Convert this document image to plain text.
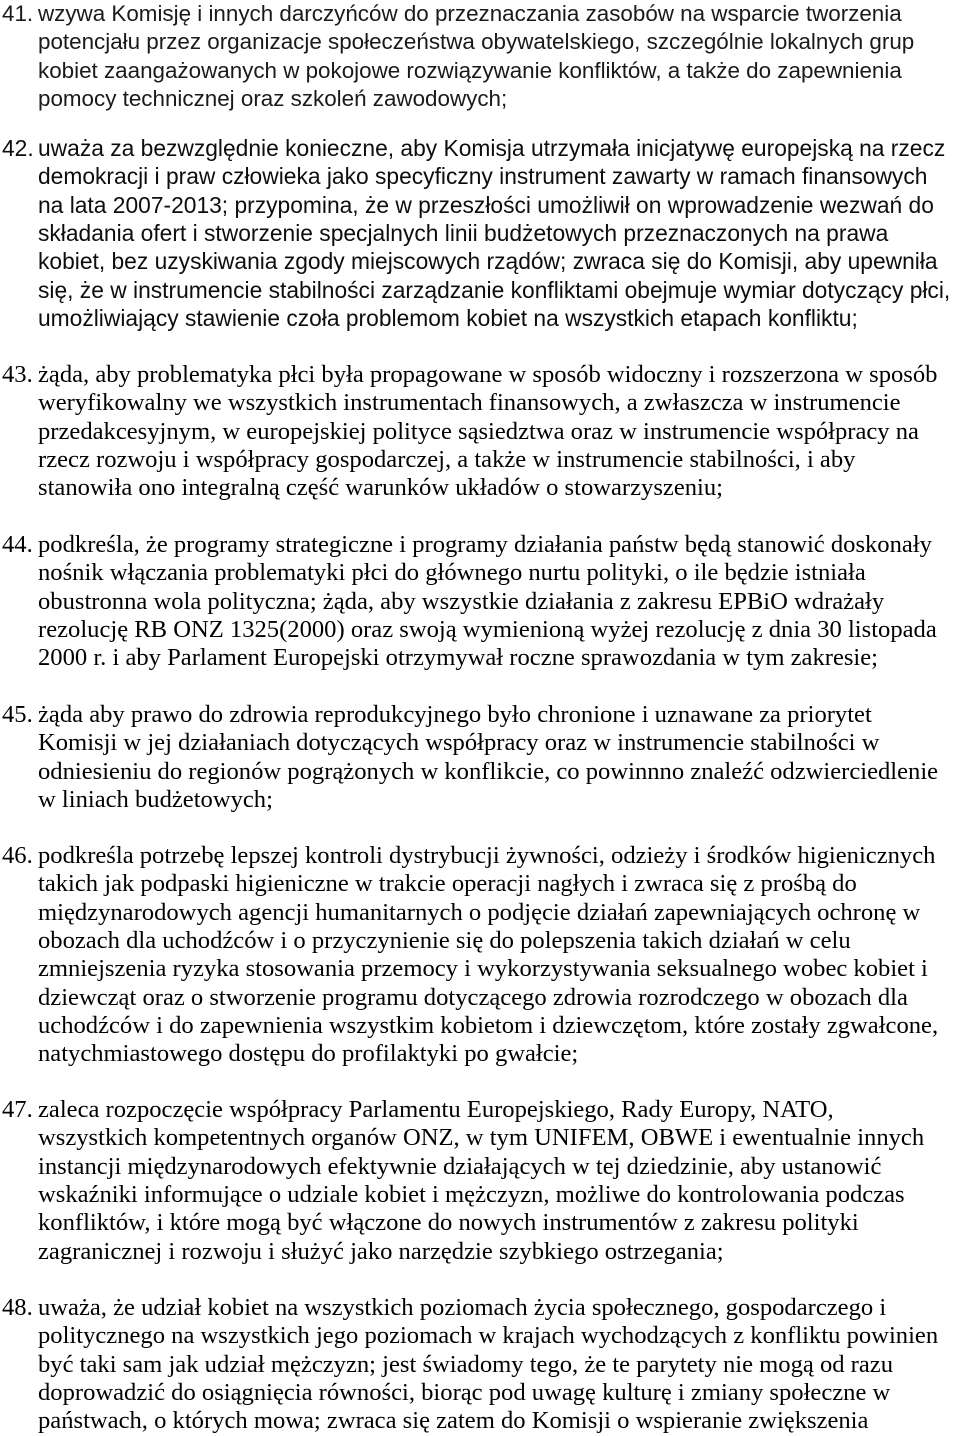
41. wzywa Komisję i innych darczyńców do przeznaczania zasobów na wsparcie tworzenia
potencjału przez organizacje społeczeństwa obywatelskiego, szczególnie lokalnych grup
kobiet zaangażowanych w pokojowe rozwiązywanie konfliktów, a także do zapewnienia
pomocy technicznej oraz szkoleń zawodowych;
42. uważa za bezwzględnie konieczne, aby Komisja utrzymała inicjatywę europejską na rzecz
demokracji i praw człowieka jako specyficzny instrument zawarty w ramach finansowych
na lata 2007-2013; przypomina, że w przeszłości umożliwił on wprowadzenie wezwań do
składania ofert i stworzenie specjalnych linii budżetowych przeznaczonych na prawa
kobiet, bez uzyskiwania zgody miejscowych rządów; zwraca się do Komisji, aby upewniła
się, że w instrumencie stabilności zarządzanie konfliktami obejmuje wymiar dotyczący płci,
umożliwiający stawienie czoła problemom kobiet na wszystkich etapach konfliktu;
43. żąda, aby problematyka płci była propagowane w sposób widoczny i rozszerzona w sposób
weryfikowalny we wszystkich instrumentach finansowych, a zwłaszcza w instrumencie
przedakcesyjnym, w europejskiej polityce sąsiedztwa oraz w instrumencie współpracy na
rzecz rozwoju i współpracy gospodarczej, a także w instrumencie stabilności, i aby
stanowiła ono integralną część warunków układów o stowarzyszeniu;
44. podkreśla, że programy strategiczne i programy działania państw będą stanowić doskonały
nośnik włączania problematyki płci do głównego nurtu polityki, o ile będzie istniała
obustronna wola polityczna; żąda, aby wszystkie działania z zakresu EPBiO wdrażały
rezolucję RB ONZ 1325(2000) oraz swoją wymienioną wyżej rezolucję z dnia 30 listopada
2000 r. i aby Parlament Europejski otrzymywał roczne sprawozdania w tym zakresie;
45. żąda aby prawo do zdrowia reprodukcyjnego było chronione i uznawane za priorytet
Komisji w jej działaniach dotyczących współpracy oraz w instrumencie stabilności w
odniesieniu do regionów pogrążonych w konflikcie, co powinnno znaleźć odzwierciedlenie
w liniach budżetowych;
46. podkreśla potrzebę lepszej kontroli dystrybucji żywności, odzieży i środków higienicznych
takich jak podpaski higieniczne w trakcie operacji nagłych i zwraca się z prośbą do
międzynarodowych agencji humanitarnych o podjęcie działań zapewniających ochronę w
obozach dla uchodźców i o przyczynienie się do polepszenia takich działań w celu
zmniejszenia ryzyka stosowania przemocy i wykorzystywania seksualnego wobec kobiet i
dziewcząt oraz o stworzenie programu dotyczącego zdrowia rozrodczego w obozach dla
uchodźców i do zapewnienia wszystkim kobietom i dziewczętom, które zostały zgwałcone,
natychmiastowego dostępu do profilaktyki po gwałcie;
47. zaleca rozpoczęcie współpracy Parlamentu Europejskiego, Rady Europy, NATO,
wszystkich kompetentnych organów ONZ, w tym UNIFEM, OBWE i ewentualnie innych
instancji międzynarodowych efektywnie działających w tej dziedzinie, aby ustanowić
wskaźniki informujące o udziale kobiet i mężczyzn, możliwe do kontrolowania podczas
konfliktów, i które mogą być włączone do nowych instrumentów z zakresu polityki
zagranicznej i rozwoju i służyć jako narzędzie szybkiego ostrzegania;
48. uważa, że udział kobiet na wszystkich poziomach życia społecznego, gospodarczego i
politycznego na wszystkich jego poziomach w krajach wychodzących z konfliktu powinien
być taki sam jak udział mężczyzn; jest świadomy tego, że te parytety nie mogą od razu
doprowadzić do osiągnięcia równości, biorąc pod uwagę kulturę i zmiany społeczne w
państwach, o których mowa; zwraca się zatem do Komisji o wspieranie zwiększenia
